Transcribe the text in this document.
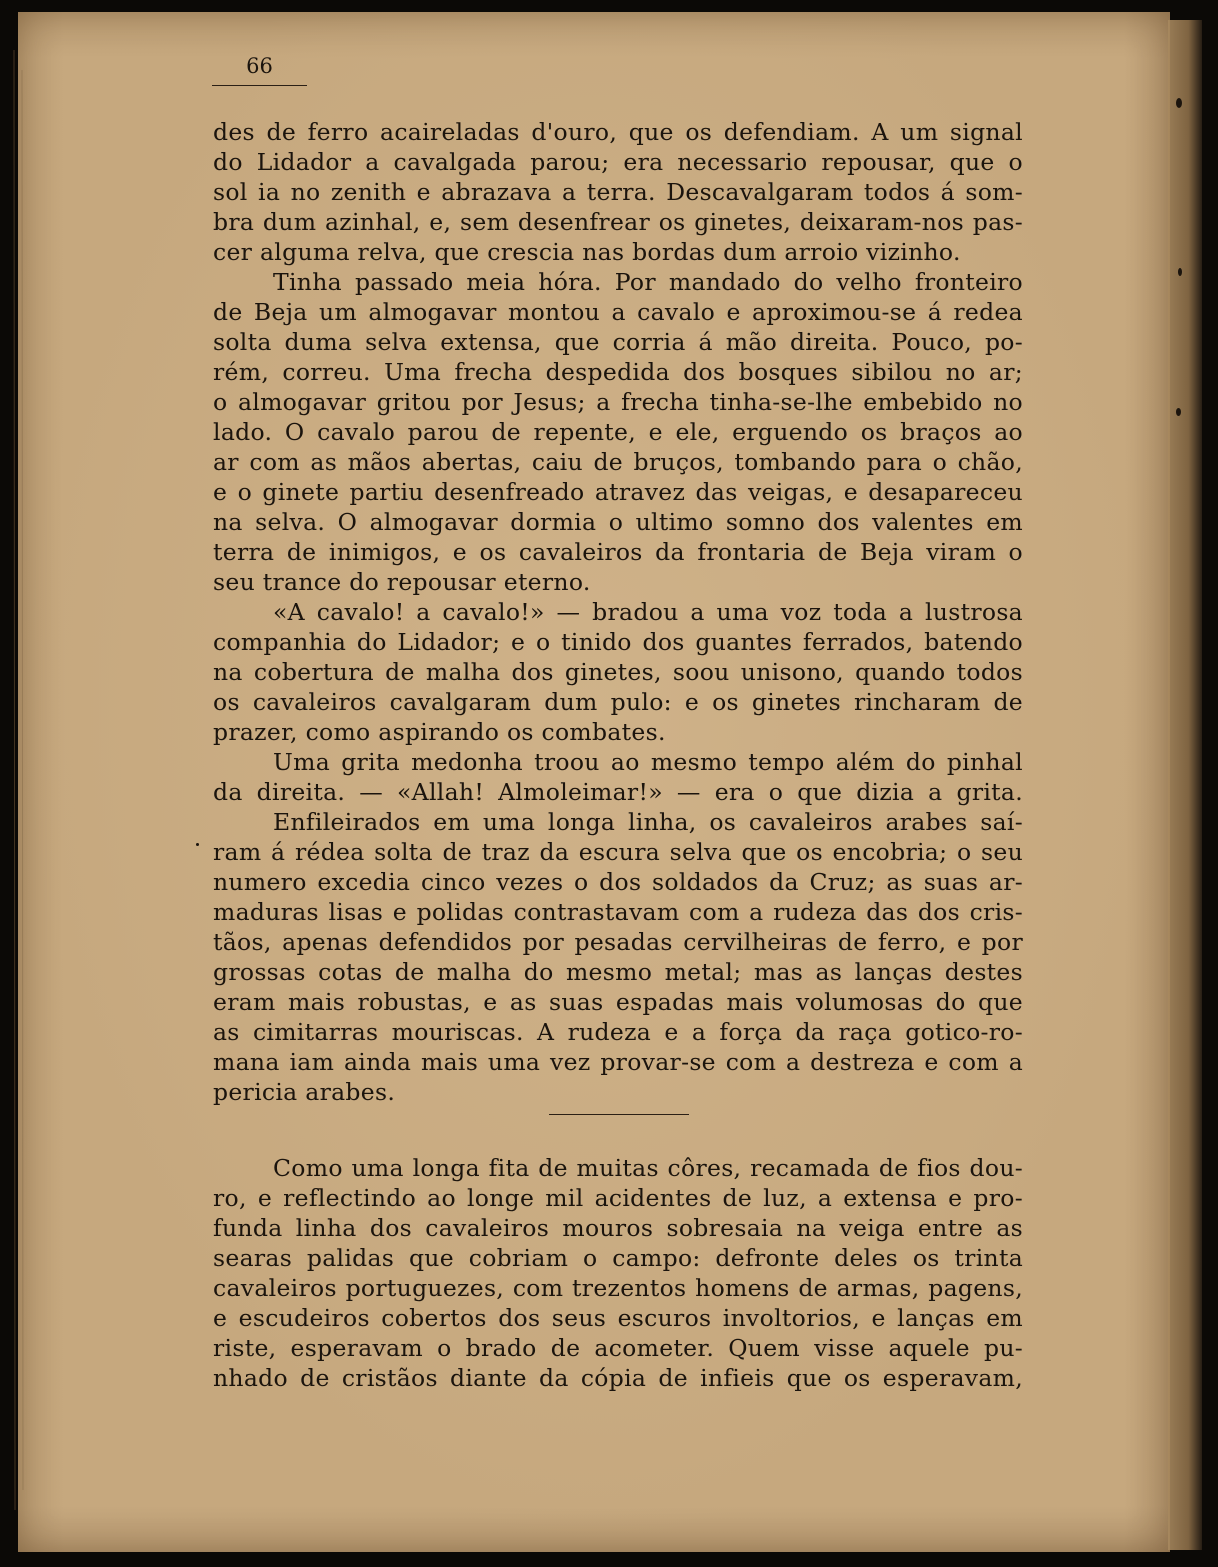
66
des de ferro acaireladas d'ouro, que os defendiam. A um signal
do Lidador a cavalgada parou; era necessario repousar, que o
sol ia no zenith e abrazava a terra. Descavalgaram todos á som-
bra dum azinhal, e, sem desenfrear os ginetes, deixaram-nos pas-
cer alguma relva, que crescia nas bordas dum arroio vizinho.
Tinha passado meia hóra. Por mandado do velho fronteiro
de Beja um almogavar montou a cavalo e aproximou-se á redea
solta duma selva extensa, que corria á mão direita. Pouco, po-
rém, correu. Uma frecha despedida dos bosques sibilou no ar;
o almogavar gritou por Jesus; a frecha tinha-se-lhe embebido no
lado. O cavalo parou de repente, e ele, erguendo os braços ao
ar com as mãos abertas, caiu de bruços, tombando para o chão,
e o ginete partiu desenfreado atravez das veigas, e desapareceu
na selva. O almogavar dormia o ultimo somno dos valentes em
terra de inimigos, e os cavaleiros da frontaria de Beja viram o
seu trance do repousar eterno.
«A cavalo! a cavalo!» — bradou a uma voz toda a lustrosa
companhia do Lidador; e o tinido dos guantes ferrados, batendo
na cobertura de malha dos ginetes, soou unisono, quando todos
os cavaleiros cavalgaram dum pulo: e os ginetes rincharam de
prazer, como aspirando os combates.
Uma grita medonha troou ao mesmo tempo além do pinhal
da direita. — «Allah! Almoleimar!» — era o que dizia a grita.
Enfileirados em uma longa linha, os cavaleiros arabes saí-
ram á rédea solta de traz da escura selva que os encobria; o seu
numero excedia cinco vezes o dos soldados da Cruz; as suas ar-
maduras lisas e polidas contrastavam com a rudeza das dos cris-
tãos, apenas defendidos por pesadas cervilheiras de ferro, e por
grossas cotas de malha do mesmo metal; mas as lanças destes
eram mais robustas, e as suas espadas mais volumosas do que
as cimitarras mouriscas. A rudeza e a força da raça gotico-ro-
mana iam ainda mais uma vez provar-se com a destreza e com a
pericia arabes.
Como uma longa fita de muitas côres, recamada de fios dou-
ro, e reflectindo ao longe mil acidentes de luz, a extensa e pro-
funda linha dos cavaleiros mouros sobresaia na veiga entre as
searas palidas que cobriam o campo: defronte deles os trinta
cavaleiros portuguezes, com trezentos homens de armas, pagens,
e escudeiros cobertos dos seus escuros involtorios, e lanças em
riste, esperavam o brado de acometer. Quem visse aquele pu-
nhado de cristãos diante da cópia de infieis que os esperavam,
